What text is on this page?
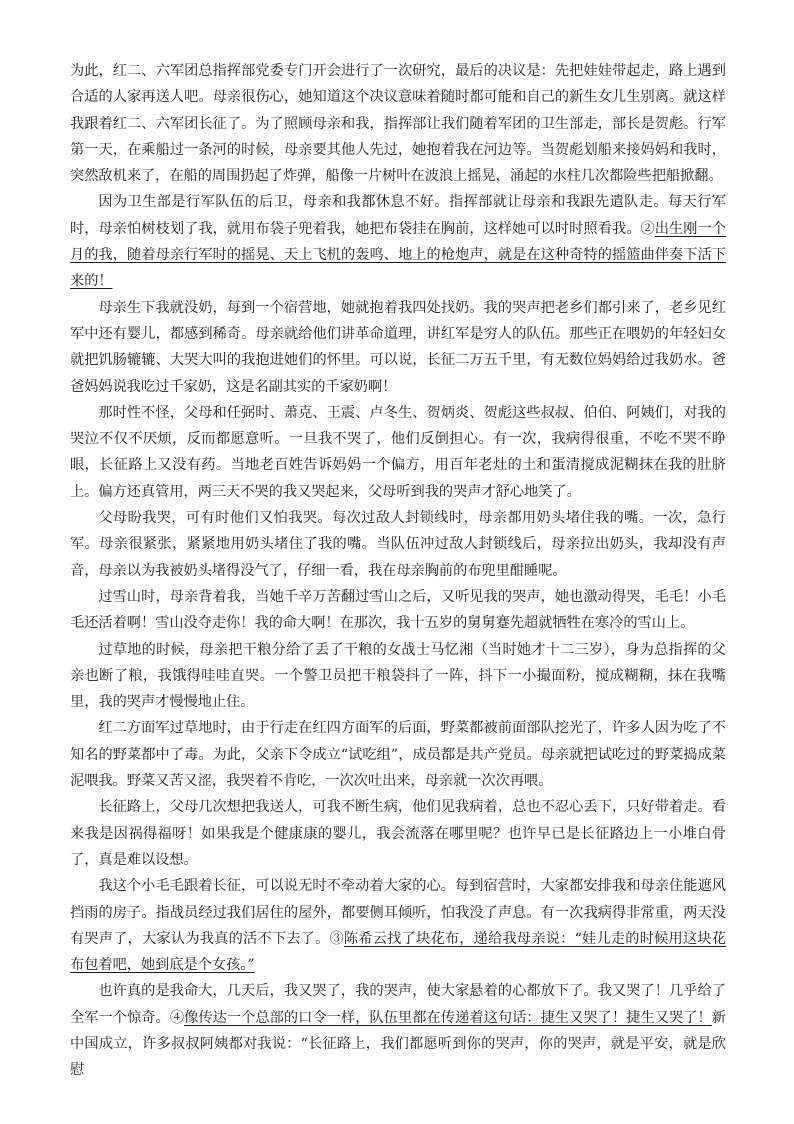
为此，红二、六军团总指挥部党委专门开会进行了一次研究，最后的决议是：先把娃娃带起走，路上遇到合适的人家再送人吧。母亲很伤心，她知道这个决议意味着随时都可能和自己的新生女儿生别离。就这样我跟着红二、六军团长征了。为了照顾母亲和我，指挥部让我们随着军团的卫生部走，部长是贺彪。行军第一天，在乘船过一条河的时候，母亲要其他人先过，她抱着我在河边等。当贺彪划船来接妈妈和我时，突然敌机来了，在船的周围扔起了炸弹，船像一片树叶在波浪上摇晃，涌起的水柱几次都险些把船掀翻。

因为卫生部是行军队伍的后卫，母亲和我都休息不好。指挥部就让母亲和我跟先遣队走。每天行军时，母亲怕树枝划了我，就用布袋子兜着我，她把布袋挂在胸前，这样她可以时时照看我。②出生刚一个月的我，随着母亲行军时的摇晃、天上飞机的轰鸣、地上的枪炮声，就是在这种奇特的摇篮曲伴奏下活下来的！

母亲生下我就没奶，每到一个宿营地，她就抱着我四处找奶。我的哭声把老乡们都引来了，老乡见红军中还有婴儿，都感到稀奇。母亲就给他们讲革命道理，讲红军是穷人的队伍。那些正在喂奶的年轻妇女就把饥肠辘辘、大哭大叫的我抱进她们的怀里。可以说，长征二万五千里，有无数位妈妈给过我奶水。爸爸妈妈说我吃过千家奶，这是名副其实的千家奶啊！

那时性不怪，父母和任弼时、萧克、王震、卢冬生、贺炳炎、贺彪这些叔叔、伯伯、阿姨们，对我的哭泣不仅不厌烦，反而都愿意听。一旦我不哭了，他们反倒担心。有一次，我病得很重，不吃不哭不睁眼，长征路上又没有药。当地老百姓告诉妈妈一个偏方，用百年老灶的土和蛋清搅成泥糊抹在我的肚脐上。偏方还真管用，两三天不哭的我又哭起来，父母听到我的哭声才舒心地笑了。

父母盼我哭，可有时他们又怕我哭。每次过敌人封锁线时，母亲都用奶头堵住我的嘴。一次，急行军。母亲很紧张，紧紧地用奶头堵住了我的嘴。当队伍冲过敌人封锁线后，母亲拉出奶头，我却没有声音，母亲以为我被奶头堵得没气了，仔细一看，我在母亲胸前的布兜里酣睡呢。

过雪山时，母亲背着我，当她千辛万苦翻过雪山之后，又听见我的哭声，她也激动得哭，毛毛！小毛毛还活着啊！雪山没夺走你！我的命大啊！在那次，我十五岁的舅舅蹇先超就牺牲在寒冷的雪山上。

过草地的时候，母亲把干粮分给了丢了干粮的女战士马忆湘（当时她才十二三岁），身为总指挥的父亲也断了粮，我饿得哇哇直哭。一个警卫员把干粮袋抖了一阵，抖下一小撮面粉，搅成糊糊，抹在我嘴里，我的哭声才慢慢地止住。

红二方面军过草地时，由于行走在红四方面军的后面，野菜都被前面部队挖光了，许多人因为吃了不知名的野菜都中了毒。为此，父亲下令成立“试吃组”，成员都是共产党员。母亲就把试吃过的野菜捣成菜泥喂我。野菜又苦又涩，我哭着不肯吃，一次次吐出来，母亲就一次次再喂。

长征路上，父母几次想把我送人，可我不断生病，他们见我病着，总也不忍心丢下，只好带着走。看来我是因祸得福呀！如果我是个健康康的婴儿，我会流落在哪里呢？也许早已是长征路边上一小堆白骨了，真是难以设想。

我这个小毛毛跟着长征，可以说无时不牵动着大家的心。每到宿营时，大家都安排我和母亲住能遮风挡雨的房子。指战员经过我们居住的屋外，都要侧耳倾听，怕我没了声息。有一次我病得非常重，两天没有哭声了，大家认为我真的活不下去了。③陈希云找了块花布，递给我母亲说：“娃儿走的时候用这块花布包着吧，她到底是个女孩。”

也许真的是我命大，几天后，我又哭了，我的哭声，使大家悬着的心都放下了。我又哭了！几乎给了全军一个惊奇。④像传达一个总部的口令一样，队伍里都在传递着这句话：捷生又哭了！捷生又哭了！新中国成立，许多叔叔阿姨都对我说：“长征路上，我们都愿听到你的哭声，你的哭声，就是平安，就是欣慰
